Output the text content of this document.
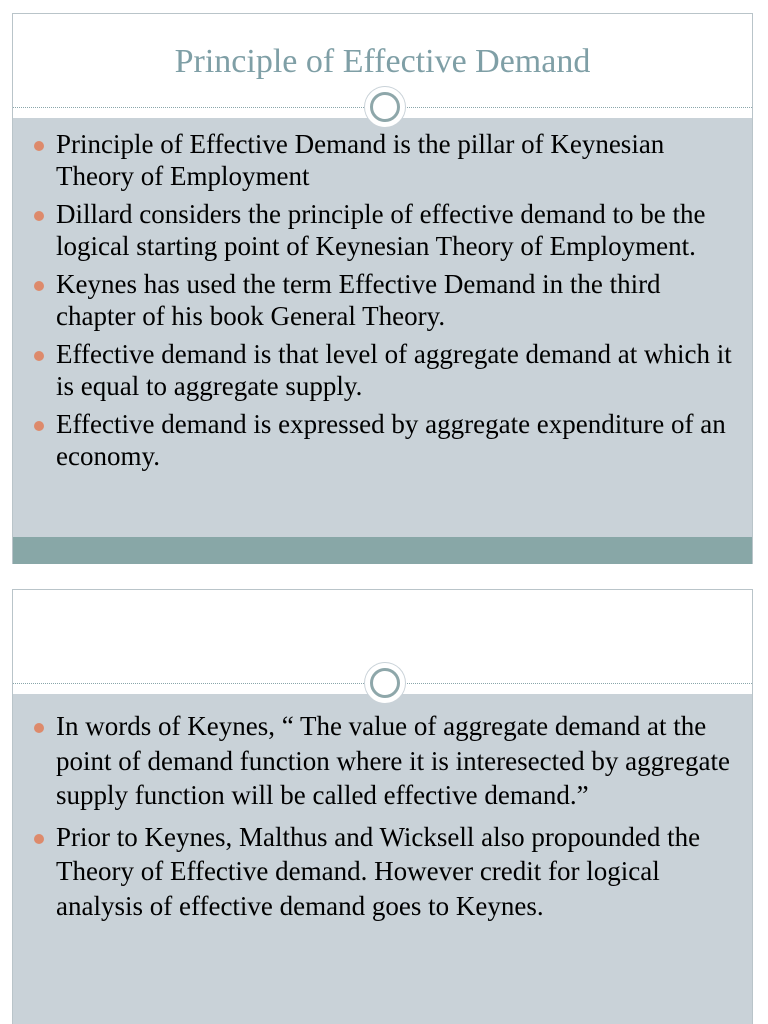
Principle of Effective Demand
Principle of Effective Demand is the pillar of Keynesian Theory of Employment
Dillard considers the principle of effective demand to be the logical starting point of Keynesian Theory of Employment.
Keynes has used the term Effective Demand in the third chapter of his book General Theory.
Effective demand is that level of aggregate demand at which it is equal to aggregate supply.
Effective demand is expressed by aggregate expenditure of an economy.
In words of Keynes, “ The value of aggregate demand at the point of demand function where it is interesected by aggregate supply function will be called effective demand.”
Prior to Keynes, Malthus and Wicksell also propounded the Theory of Effective demand. However credit for logical analysis of effective demand goes to Keynes.
